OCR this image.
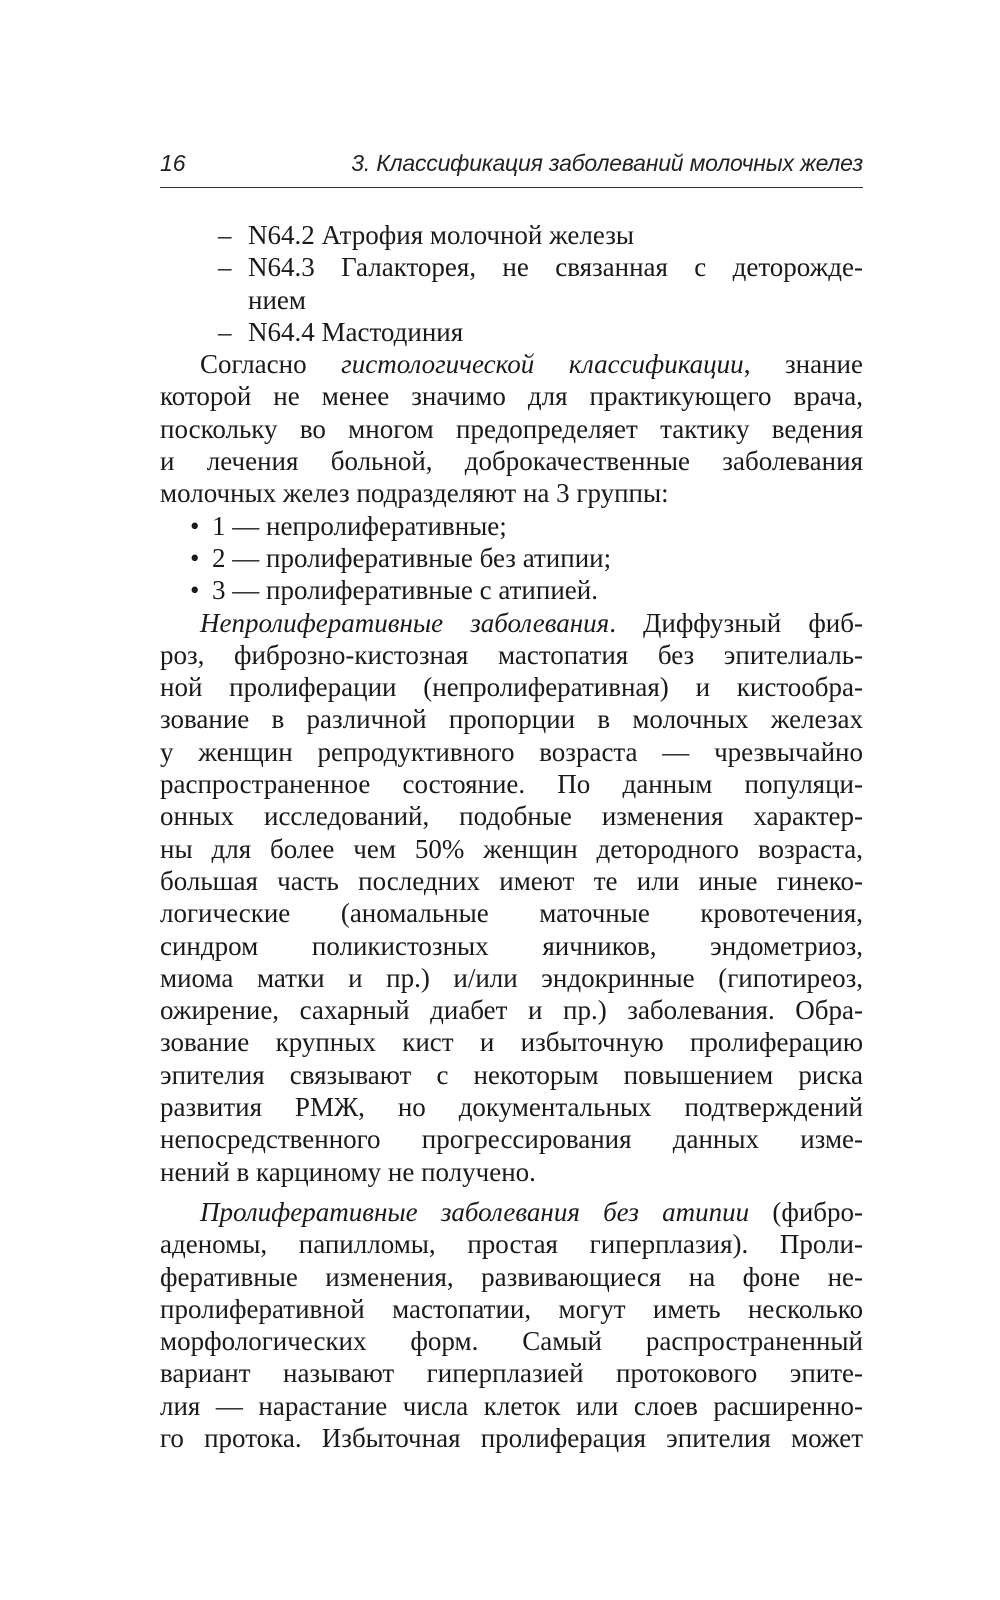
16	3. Классификация заболеваний молочных желез
– N64.2 Атрофия молочной железы
– N64.3 Галакторея, не связанная с деторожде-
нием
– N64.4 Мастодиния
Согласно гистологической классификации, знание
которой не менее значимо для практикующего врача,
поскольку во многом предопределяет тактику ведения
и лечения больной, доброкачественные заболевания
молочных желез подразделяют на 3 группы:
• 1 — непролиферативные;
• 2 — пролиферативные без атипии;
• 3 — пролиферативные с атипией.
Непролиферативные заболевания. Диффузный фиб-
роз, фиброзно-кистозная мастопатия без эпителиаль-
ной пролиферации (непролиферативная) и кистообра-
зование в различной пропорции в молочных железах
у женщин репродуктивного возраста — чрезвычайно
распространенное состояние. По данным популяци-
онных исследований, подобные изменения характер-
ны для более чем 50% женщин детородного возраста,
большая часть последних имеют те или иные гинеко-
логические (аномальные маточные кровотечения,
синдром поликистозных яичников, эндометриоз,
миома матки и пр.) и/или эндокринные (гипотиреоз,
ожирение, сахарный диабет и пр.) заболевания. Обра-
зование крупных кист и избыточную пролиферацию
эпителия связывают с некоторым повышением риска
развития РМЖ, но документальных подтверждений
непосредственного прогрессирования данных изме-
нений в карциному не получено.
Пролиферативные заболевания без атипии (фибро-
аденомы, папилломы, простая гиперплазия). Проли-
феративные изменения, развивающиеся на фоне не-
пролиферативной мастопатии, могут иметь несколько
морфологических форм. Самый распространенный
вариант называют гиперплазией протокового эпите-
лия — нарастание числа клеток или слоев расширенно-
го протока. Избыточная пролиферация эпителия может
